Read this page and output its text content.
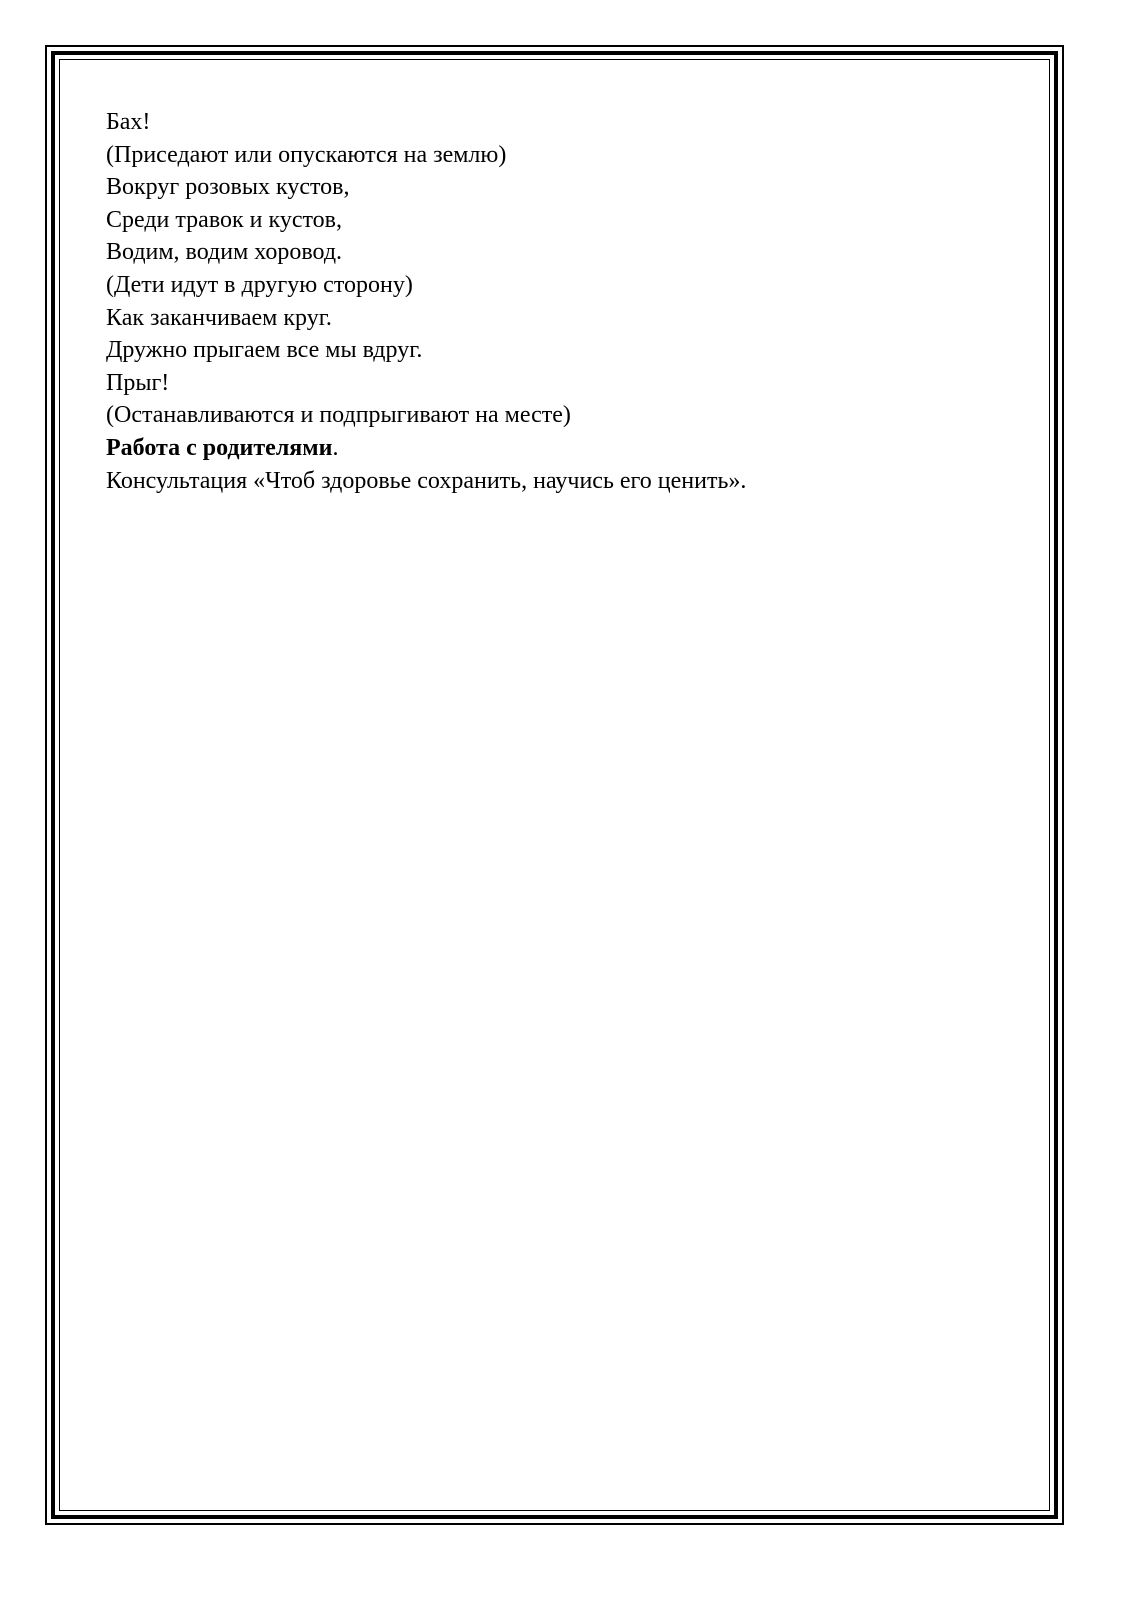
Бах!
(Приседают или опускаются на землю)
Вокруг розовых кустов,
Среди травок и кустов,
Водим, водим хоровод.
(Дети идут в другую сторону)
Как заканчиваем круг.
Дружно прыгаем все мы вдруг.
Прыг!
(Останавливаются и подпрыгивают на месте)
Работа с родителями.
Консультация «Чтоб здоровье сохранить, научись его ценить».
